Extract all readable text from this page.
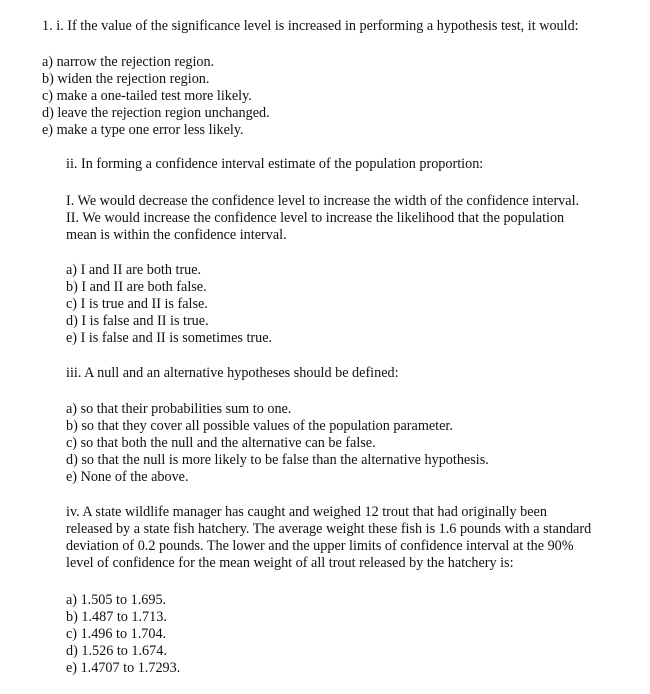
1. i. If the value of the significance level is increased in performing a hypothesis test, it would:
a) narrow the rejection region.
b) widen the rejection region.
c) make a one-tailed test more likely.
d) leave the rejection region unchanged.
e) make a type one error less likely.
ii. In forming a confidence interval estimate of the population proportion:
I. We would decrease the confidence level to increase the width of the confidence interval.
II. We would increase the confidence level to increase the likelihood that the population
mean is within the confidence interval.
a) I and II are both true.
b) I and II are both false.
c) I is true and II is false.
d) I is false and II is true.
e) I is false and II is sometimes true.
iii. A null and an alternative hypotheses should be defined:
a) so that their probabilities sum to one.
b) so that they cover all possible values of the population parameter.
c) so that both the null and the alternative can be false.
d) so that the null is more likely to be false than the alternative hypothesis.
e) None of the above.
iv. A state wildlife manager has caught and weighed 12 trout that had originally been
released by a state fish hatchery. The average weight these fish is 1.6 pounds with a standard
deviation of 0.2 pounds. The lower and the upper limits of confidence interval at the 90%
level of confidence for the mean weight of all trout released by the hatchery is:
a) 1.505 to 1.695.
b) 1.487 to 1.713.
c) 1.496 to 1.704.
d) 1.526 to 1.674.
e) 1.4707 to 1.7293.
